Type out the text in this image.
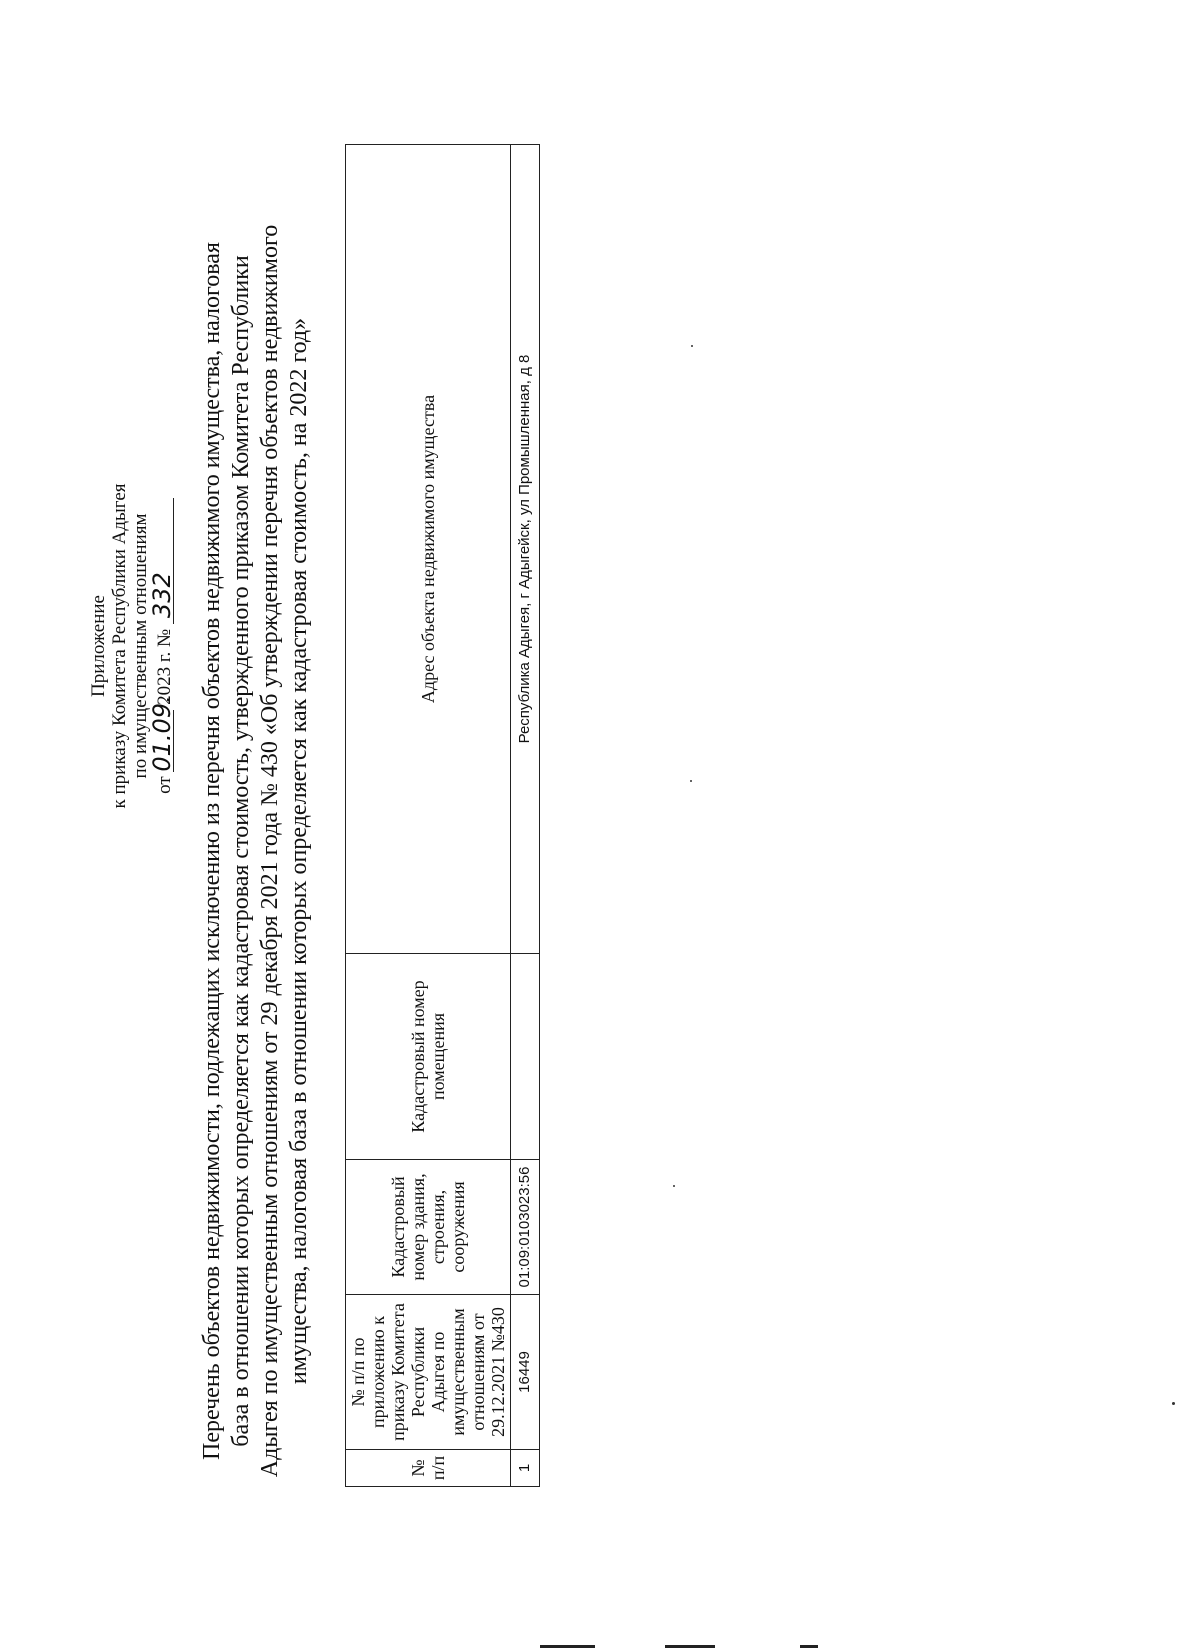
Приложение к приказу Комитета Республики Адыгея по имущественным отношениям
от 01.09. 2023 г. № 332 Перечень объектов недвижимости, подлежащих исключению из перечня объектов недвижимого имущества, налоговая база в отношении которых определяется как кадастровая стоимость, утвержденного приказом Комитета Республики Адыгея по имущественным отношениям от 29 декабря 2021 года № 430 «Об утверждении перечня объектов недвижимого имущества, налоговая база в отношении которых определяется как кадастровая стоимость, на 2022 год»
№ п/п	№ п/п по приложению к приказу Комитета Республики Адыгея по имущественным отношениям от 29.12.2021 №430	Кадастровый номер здания, строения, сооружения	Кадастровый номер помещения	Адрес объекта недвижимого имущества
1	16449	01:09:0103023:56		Республика Адыгея, г Адыгейск, ул Промышленная, д 8
